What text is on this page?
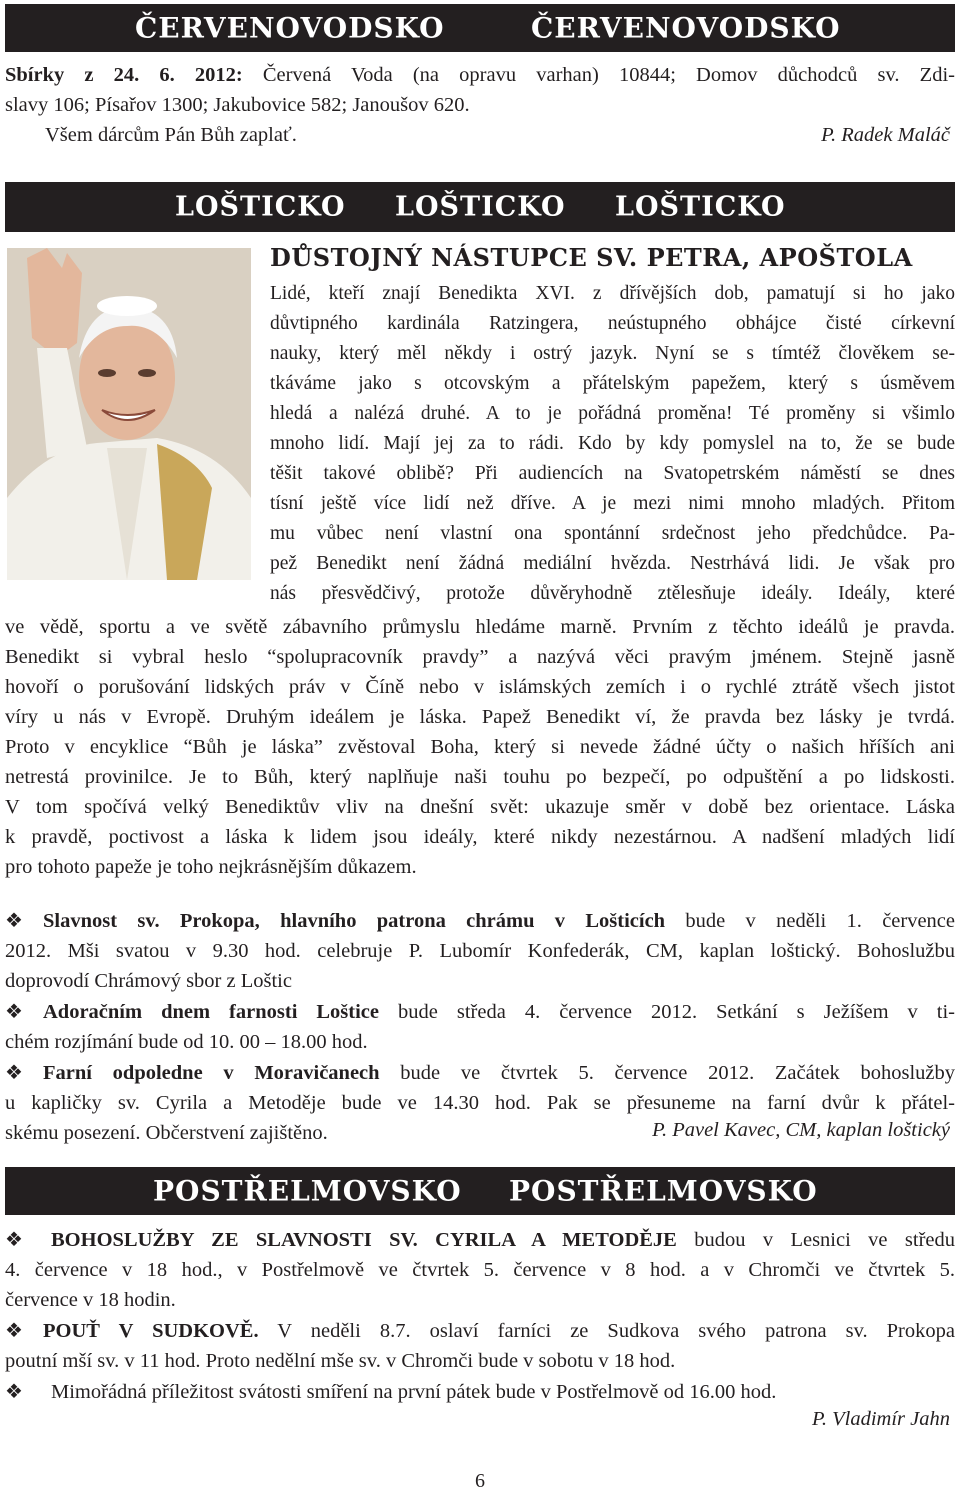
ČERVENOVODSKO	ČERVENOVODSKO
Sbírky z 24. 6. 2012: Červená Voda (na opravu varhan) 10844; Domov důchodců sv. Zdi-
slavy 106; Písařov 1300; Jakubovice 582; Janoušov 620.
Všem dárcům Pán Bůh zaplať.	P. Radek Maláč
LOŠTICKO LOŠTICKO LOŠTICKO
DŮSTOJNÝ NÁSTUPCE SV. PETRA, APOŠTOLA
Lidé, kteří znají Benedikta XVI. z dřívějších dob, pamatují si ho jako
důvtipného kardinála Ratzingera, neústupného obhájce čisté církevní
nauky, který měl někdy i ostrý jazyk. Nyní se s tímtéž člověkem se-
tkáváme jako s otcovským a přátelským papežem, který s úsměvem
hledá a nalézá druhé. A to je pořádná proměna! Té proměny si všimlo
mnoho lidí. Mají jej za to rádi. Kdo by kdy pomyslel na to, že se bude
těšit takové oblibě? Při audiencích na Svatopetrském náměstí se dnes
tísní ještě více lidí než dříve. A je mezi nimi mnoho mladých. Přitom
mu vůbec není vlastní ona spontánní srdečnost jeho předchůdce. Pa-
pež Benedikt není žádná mediální hvězda. Nestrhává lidi. Je však pro
nás přesvědčivý, protože důvěryhodně ztělesňuje ideály. Ideály, které
ve vědě, sportu a ve světě zábavního průmyslu hledáme marně. Prvním z těchto ideálů je pravda.
Benedikt si vybral heslo “spolupracovník pravdy” a nazývá věci pravým jménem. Stejně jasně
hovoří o porušování lidských práv v Číně nebo v islámských zemích i o rychlé ztrátě všech jistot
víry u nás v Evropě. Druhým ideálem je láska. Papež Benedikt ví, že pravda bez lásky je tvrdá.
Proto v encyklice “Bůh je láska” zvěstoval Boha, který si nevede žádné účty o našich hříších ani
netrestá provinilce. Je to Bůh, který naplňuje naši touhu po bezpečí, po odpuštění a po lidskosti.
V tom spočívá velký Benediktův vliv na dnešní svět: ukazuje směr v době bez orientace. Láska
k pravdě, poctivost a láska k lidem jsou ideály, které nikdy nezestárnou. A nadšení mladých lidí
pro tohoto papeže je toho nejkrásnějším důkazem.
❖ Slavnost sv. Prokopa, hlavního patrona chrámu v Lošticích bude v neděli 1. července
2012. Mši svatou v 9.30 hod. celebruje P. Lubomír Konfederák, CM, kaplan loštický. Bohoslužbu
doprovodí Chrámový sbor z Loštic
❖ Adoračním dnem farnosti Loštice bude středa 4. července 2012. Setkání s Ježíšem v ti-
chém rozjímání bude od 10. 00 – 18.00 hod.
❖ Farní odpoledne v Moravičanech bude ve čtvrtek 5. července 2012. Začátek bohoslužby
u kapličky sv. Cyrila a Metoděje bude ve 14.30 hod. Pak se přesuneme na farní dvůr k přátel-
skému posezení. Občerstvení zajištěno.	P. Pavel Kavec, CM, kaplan loštický
POSTŘELMOVSKO POSTŘELMOVSKO
❖ BOHOSLUŽBY ZE SLAVNOSTI SV. CYRILA A METODĚJE budou v Lesnici ve středu
4. července v 18 hod., v Postřelmově ve čtvrtek 5. července v 8 hod. a v Chromči ve čtvrtek 5.
července v 18 hodin.
❖ POUŤ V SUDKOVĚ. V neděli 8.7. oslaví farníci ze Sudkova svého patrona sv. Prokopa
poutní mší sv. v 11 hod. Proto nedělní mše sv. v Chromči bude v sobotu v 18 hod.
❖ Mimořádná příležitost svátosti smíření na první pátek bude v Postřelmově od 16.00 hod.
P. Vladimír Jahn
6
